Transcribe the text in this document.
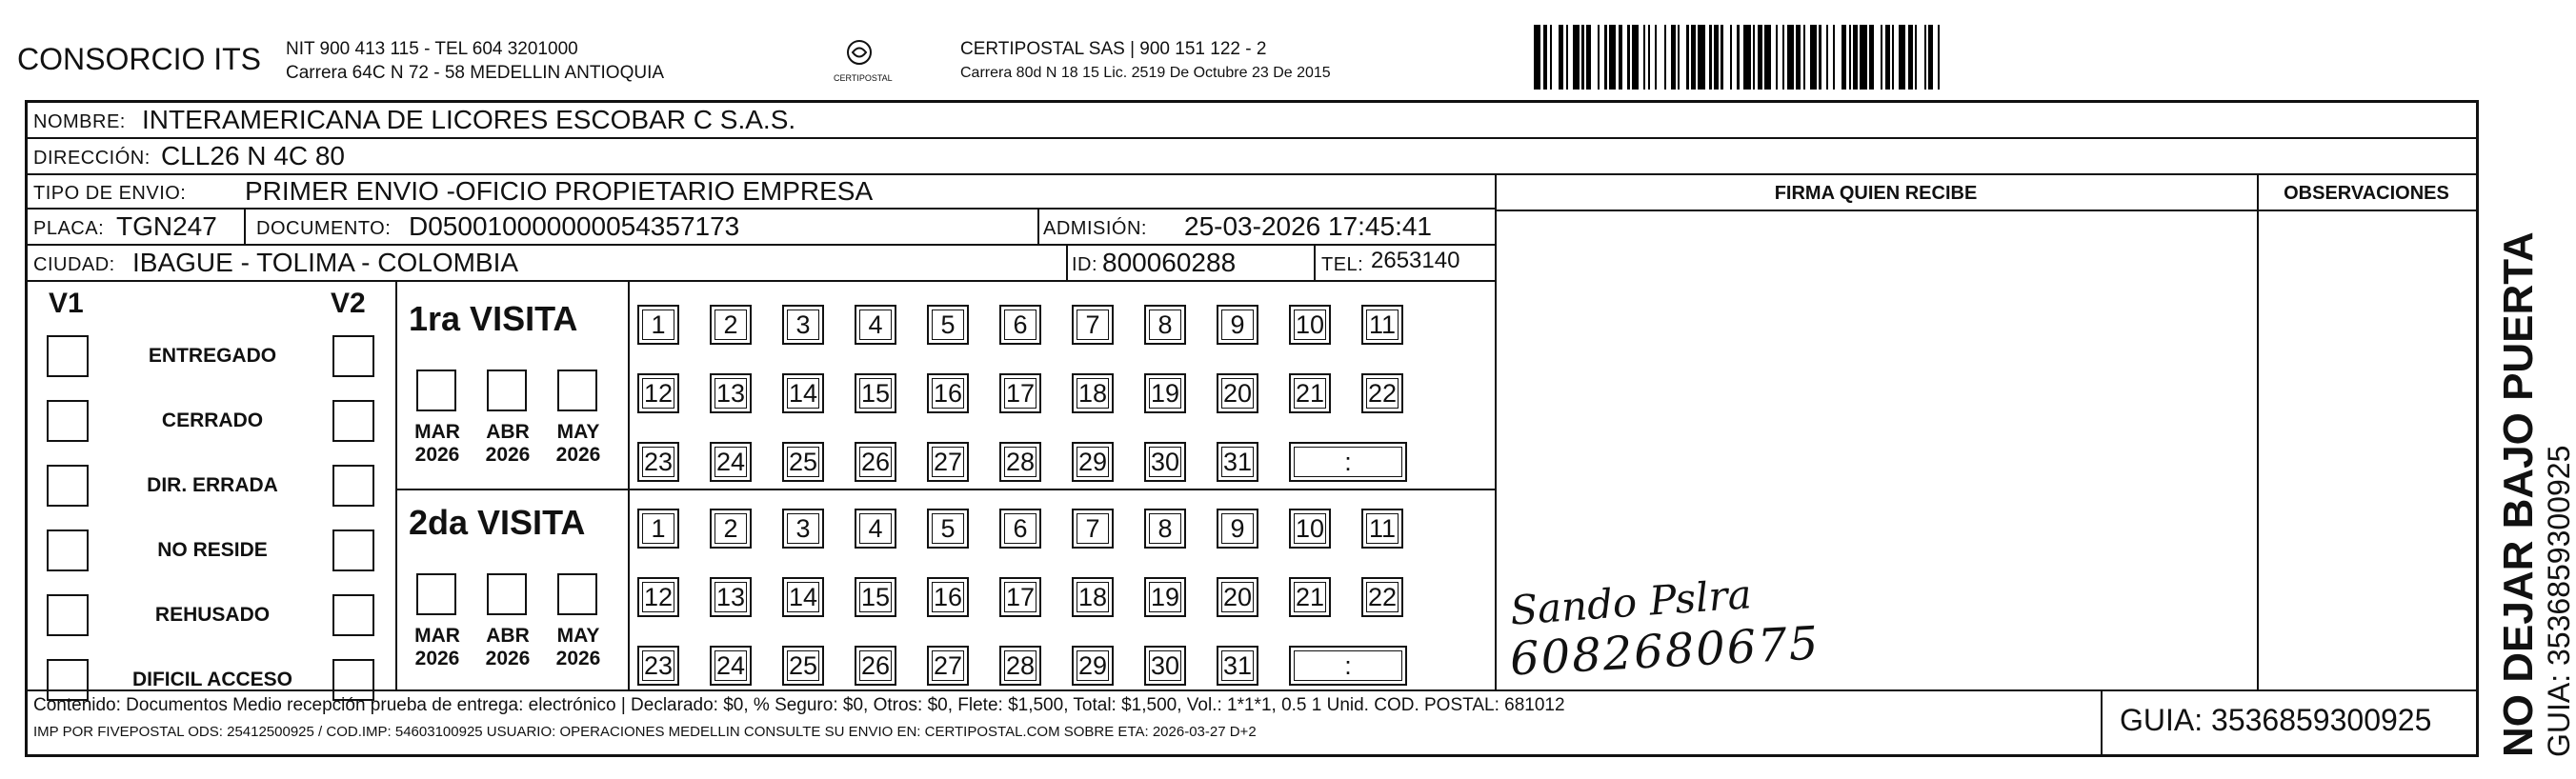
CONSORCIO ITS NIT 900 413 115 - TEL 604 3201000
Carrera 64C N 72 - 58 MEDELLIN ANTIOQUIA	CERTIPOSTAL
CERTIPOSTAL SAS | 900 151 122 - 2
Carrera 80d N 18 15 Lic. 2519 De Octubre 23 De 2015
NOMBRE: INTERAMERICANA DE LICORES ESCOBAR C S.A.S.
DIRECCIÓN: CLL26 N 4C 80
TIPO DE ENVIO: PRIMER ENVIO -OFICIO PROPIETARIO EMPRESA
PLACA: TGN247 DOCUMENTO: D050010000000054357173	ADMISIÓN: 25-03-2026 17:45:41
CIUDAD: IBAGUE - TOLIMA - COLOMBIA	ID: 800060288	TEL: 2653140
FIRMA QUIEN RECIBE	OBSERVACIONES
V1	V2 1ra VISITA
2da VISITA
Contenido: Documentos Medio recepción prueba de entrega: electrónico | Declarado: $0, % Seguro: $0, Otros: $0, Flete: $1,500, Total: $1,500, Vol.: 1*1*1, 0.5 1 Unid. COD. POSTAL: 681012
IMP POR FIVEPOSTAL ODS: 25412500925 / COD.IMP: 54603100925 USUARIO: OPERACIONES MEDELLIN CONSULTE SU ENVIO EN: CERTIPOSTAL.COM SOBRE ETA: 2026-03-27 D+2	GUIA: 3536859300925
Sando Pslra
6082680675
ENTREGADO
CERRADO
DIR. ERRADA
NO RESIDE
REHUSADO
DIFICIL ACCESO
MAR
2026
ABR
2026
MAY
2026
MAR
2026
ABR
2026
MAY
2026
1	2	3	4	5	6	7	8	9	10 11
12 13 14 15 16 17 18 19 20 21 22
23 24 25 26 27 28 29 30 31	:
1	2	3	4	5	6	7	8	9	10 11
12 13 14 15 16 17 18 19 20 21 22
23 24 25 26 27 28 29 30 31	:	NO DEJAR BAJO PUERTA GUIA: 3536859300925
